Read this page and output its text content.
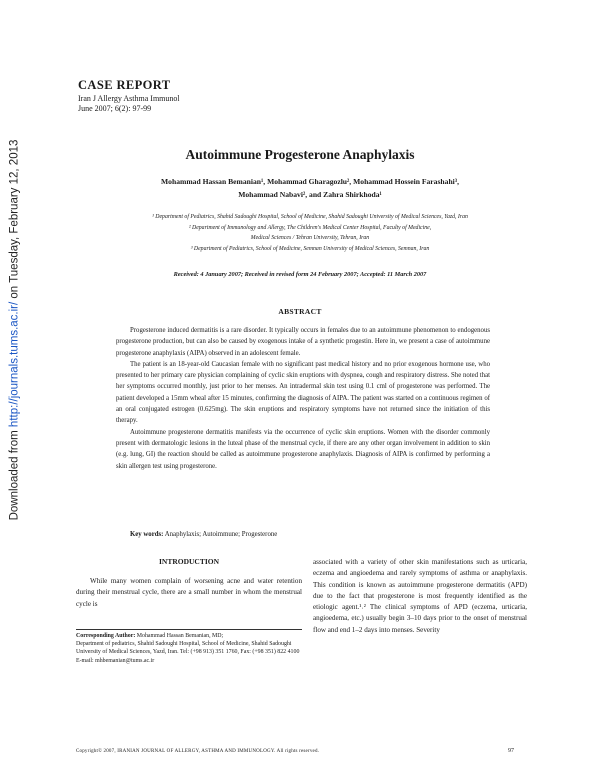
Downloaded from http://journals.tums.ac.ir/ on Tuesday, February 12, 2013
CASE REPORT
Iran J Allergy Asthma Immunol
June 2007; 6(2): 97-99
Autoimmune Progesterone Anaphylaxis
Mohammad Hassan Bemanian¹, Mohammad Gharagozlu², Mohammad Hossein Farashahi³,
Mohammad Nabavi², and Zahra Shirkhoda¹
¹ Department of Pediatrics, Shahid Sadoughi Hospital, School of Medicine, Shahid Sadoughi University of Medical Sciences, Yazd, Iran
² Department of Immunology and Allergy, The Children's Medical Center Hospital, Faculty of Medicine,
Medical Sciences / Tehran University, Tehran, Iran
³ Department of Pediatrics, School of Medicine, Semnan University of Medical Sciences, Semnan, Iran
Received: 4 January 2007; Received in revised form 24 February 2007; Accepted: 11 March 2007
ABSTRACT

Progesterone induced dermatitis is a rare disorder. It typically occurs in females due to an autoimmune phenomenon to endogenous progesterone production, but can also be caused by exogenous intake of a synthetic progestin. Here in, we present a case of autoimmune progesterone anaphylaxis (AIPA) observed in an adolescent female.

The patient is an 18-year-old Caucasian female with no significant past medical history and no prior exogenous hormone use, who presented to her primary care physician complaining of cyclic skin eruptions with dyspnea, cough and respiratory distress. She noted that her symptoms occurred monthly, just prior to her menses. An intradermal skin test using 0.1 cml of progesterone was performed. The patient developed a 15mm wheal after 15 minutes, confirming the diagnosis of AIPA. The patient was started on a continuous regimen of an oral conjugated estrogen (0.625mg). The skin eruptions and respiratory symptoms have not returned since the initiation of this therapy.

Autoimmune progesterone dermatitis manifests via the occurrence of cyclic skin eruptions. Women with the disorder commonly present with dermatologic lesions in the luteal phase of the menstrual cycle, if there are any other organ involvement in addition to skin (e.g. lung, GI) the reaction should be called as autoimmune progesterone anaphylaxis. Diagnosis of AIPA is confirmed by performing a skin allergen test using progesterone.

Key words: Anaphylaxis; Autoimmune; Progesterone
INTRODUCTION

While many women complain of worsening acne and water retention during their menstrual cycle, there are a small number in whom the menstrual cycle is

Corresponding Author: Mohammad Hassan Bemanian, MD;
Department of pediatrics, Shahid Sadoughi Hospital, School of Medicine, Shahid Sadoughi University of Medical Sciences, Yazd, Iran. Tel: (+98 913) 351 1760, Fax: (+98 351) 822 4100
E-mail: mhbemanian@tums.ac.ir

associated with a variety of other skin manifestations such as urticaria, eczema and angioedema and rarely symptoms of asthma or anaphylaxis. This condition is known as autoimmune progesterone dermatitis (APD) due to the fact that progesterone is most frequently identified as the etiologic agent.¹˒² The clinical symptoms of APD (eczema, urticaria, angioedema, etc.) usually begin 3–10 days prior to the onset of menstrual flow and end 1–2 days into menses. Severity

Copyright© 2007, IRANIAN JOURNAL OF ALLERGY, ASTHMA AND IMMUNOLOGY. All rights reserved.	97
